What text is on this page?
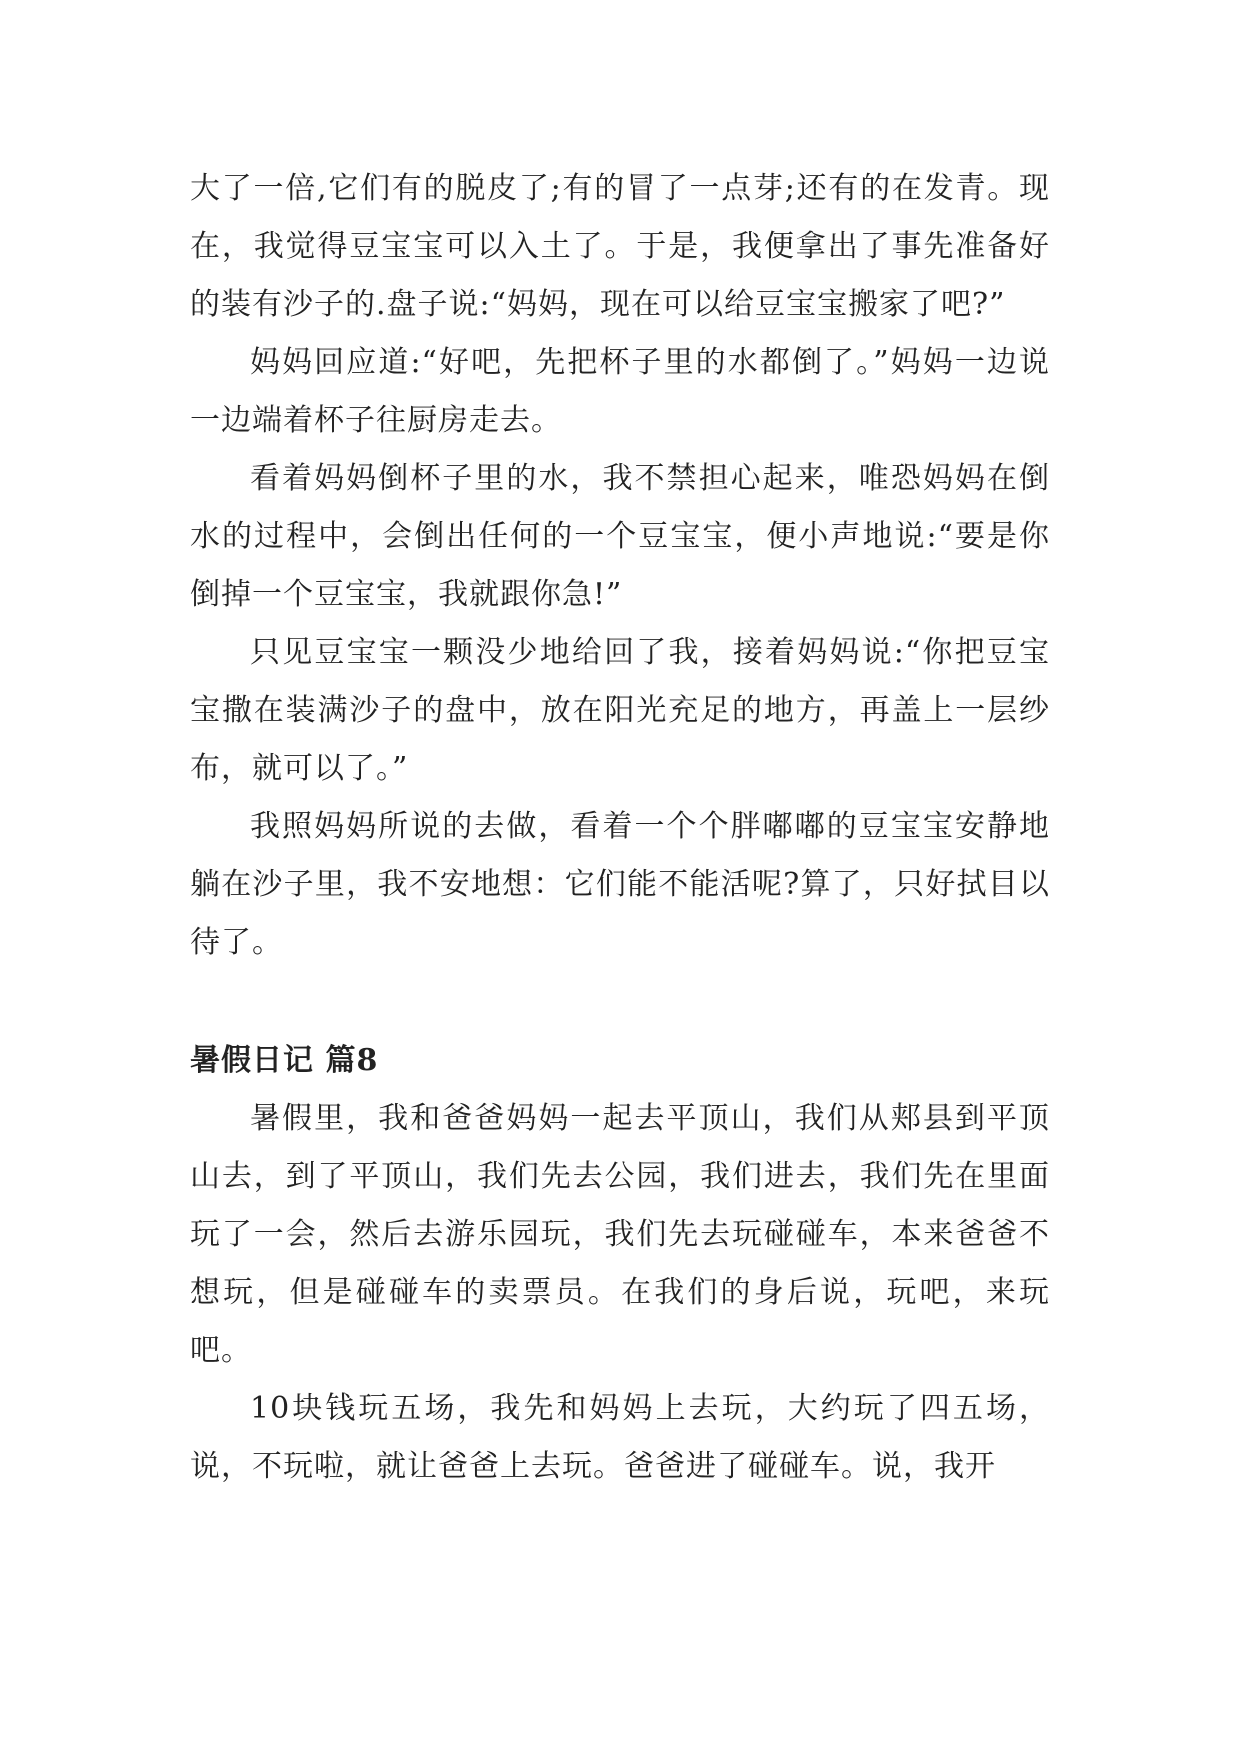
大了一倍,它们有的脱皮了;有的冒了一点芽;还有的在发青。现在，我觉得豆宝宝可以入土了。于是，我便拿出了事先准备好的装有沙子的.盘子说:“妈妈，现在可以给豆宝宝搬家了吧?”

妈妈回应道:“好吧，先把杯子里的水都倒了。”妈妈一边说一边端着杯子往厨房走去。

看着妈妈倒杯子里的水，我不禁担心起来，唯恐妈妈在倒水的过程中，会倒出任何的一个豆宝宝，便小声地说:“要是你倒掉一个豆宝宝，我就跟你急!”

只见豆宝宝一颗没少地给回了我，接着妈妈说:“你把豆宝宝撒在装满沙子的盘中，放在阳光充足的地方，再盖上一层纱布，就可以了。”

我照妈妈所说的去做，看着一个个胖嘟嘟的豆宝宝安静地躺在沙子里，我不安地想：它们能不能活呢?算了，只好拭目以待了。

暑假日记 篇8

暑假里，我和爸爸妈妈一起去平顶山，我们从郏县到平顶山去，到了平顶山，我们先去公园，我们进去，我们先在里面玩了一会，然后去游乐园玩，我们先去玩碰碰车，本来爸爸不想玩，但是碰碰车的卖票员。在我们的身后说，玩吧，来玩吧。

10块钱玩五场，我先和妈妈上去玩，大约玩了四五场，说，不玩啦，就让爸爸上去玩。爸爸进了碰碰车。说，我开
